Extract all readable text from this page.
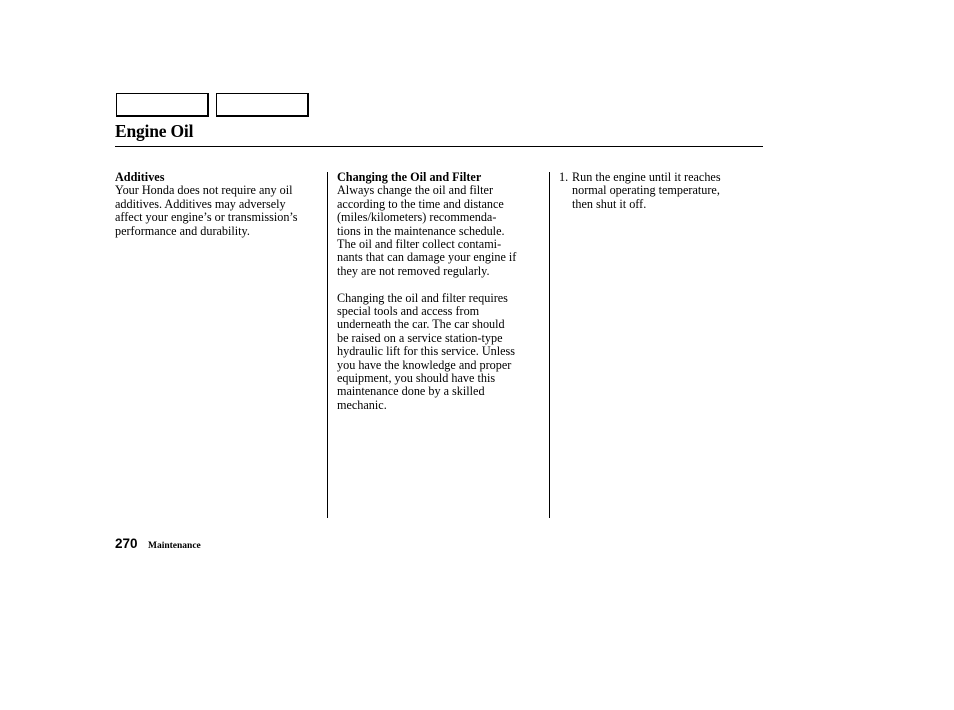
Engine Oil
Additives
Your Honda does not require any oil
additives. Additives may adversely
affect your engine’s or transmission’s
performance and durability.
Changing the Oil and Filter
Always change the oil and filter
according to the time and distance
(miles/kilometers) recommenda-
tions in the maintenance schedule.
The oil and filter collect contami-
nants that can damage your engine if
they are not removed regularly.
Changing the oil and filter requires
special tools and access from
underneath the car. The car should
be raised on a service station-type
hydraulic lift for this service. Unless
you have the knowledge and proper
equipment, you should have this
maintenance done by a skilled
mechanic.
1. Run the engine until it reaches
normal operating temperature,
then shut it off.
270 Maintenance
